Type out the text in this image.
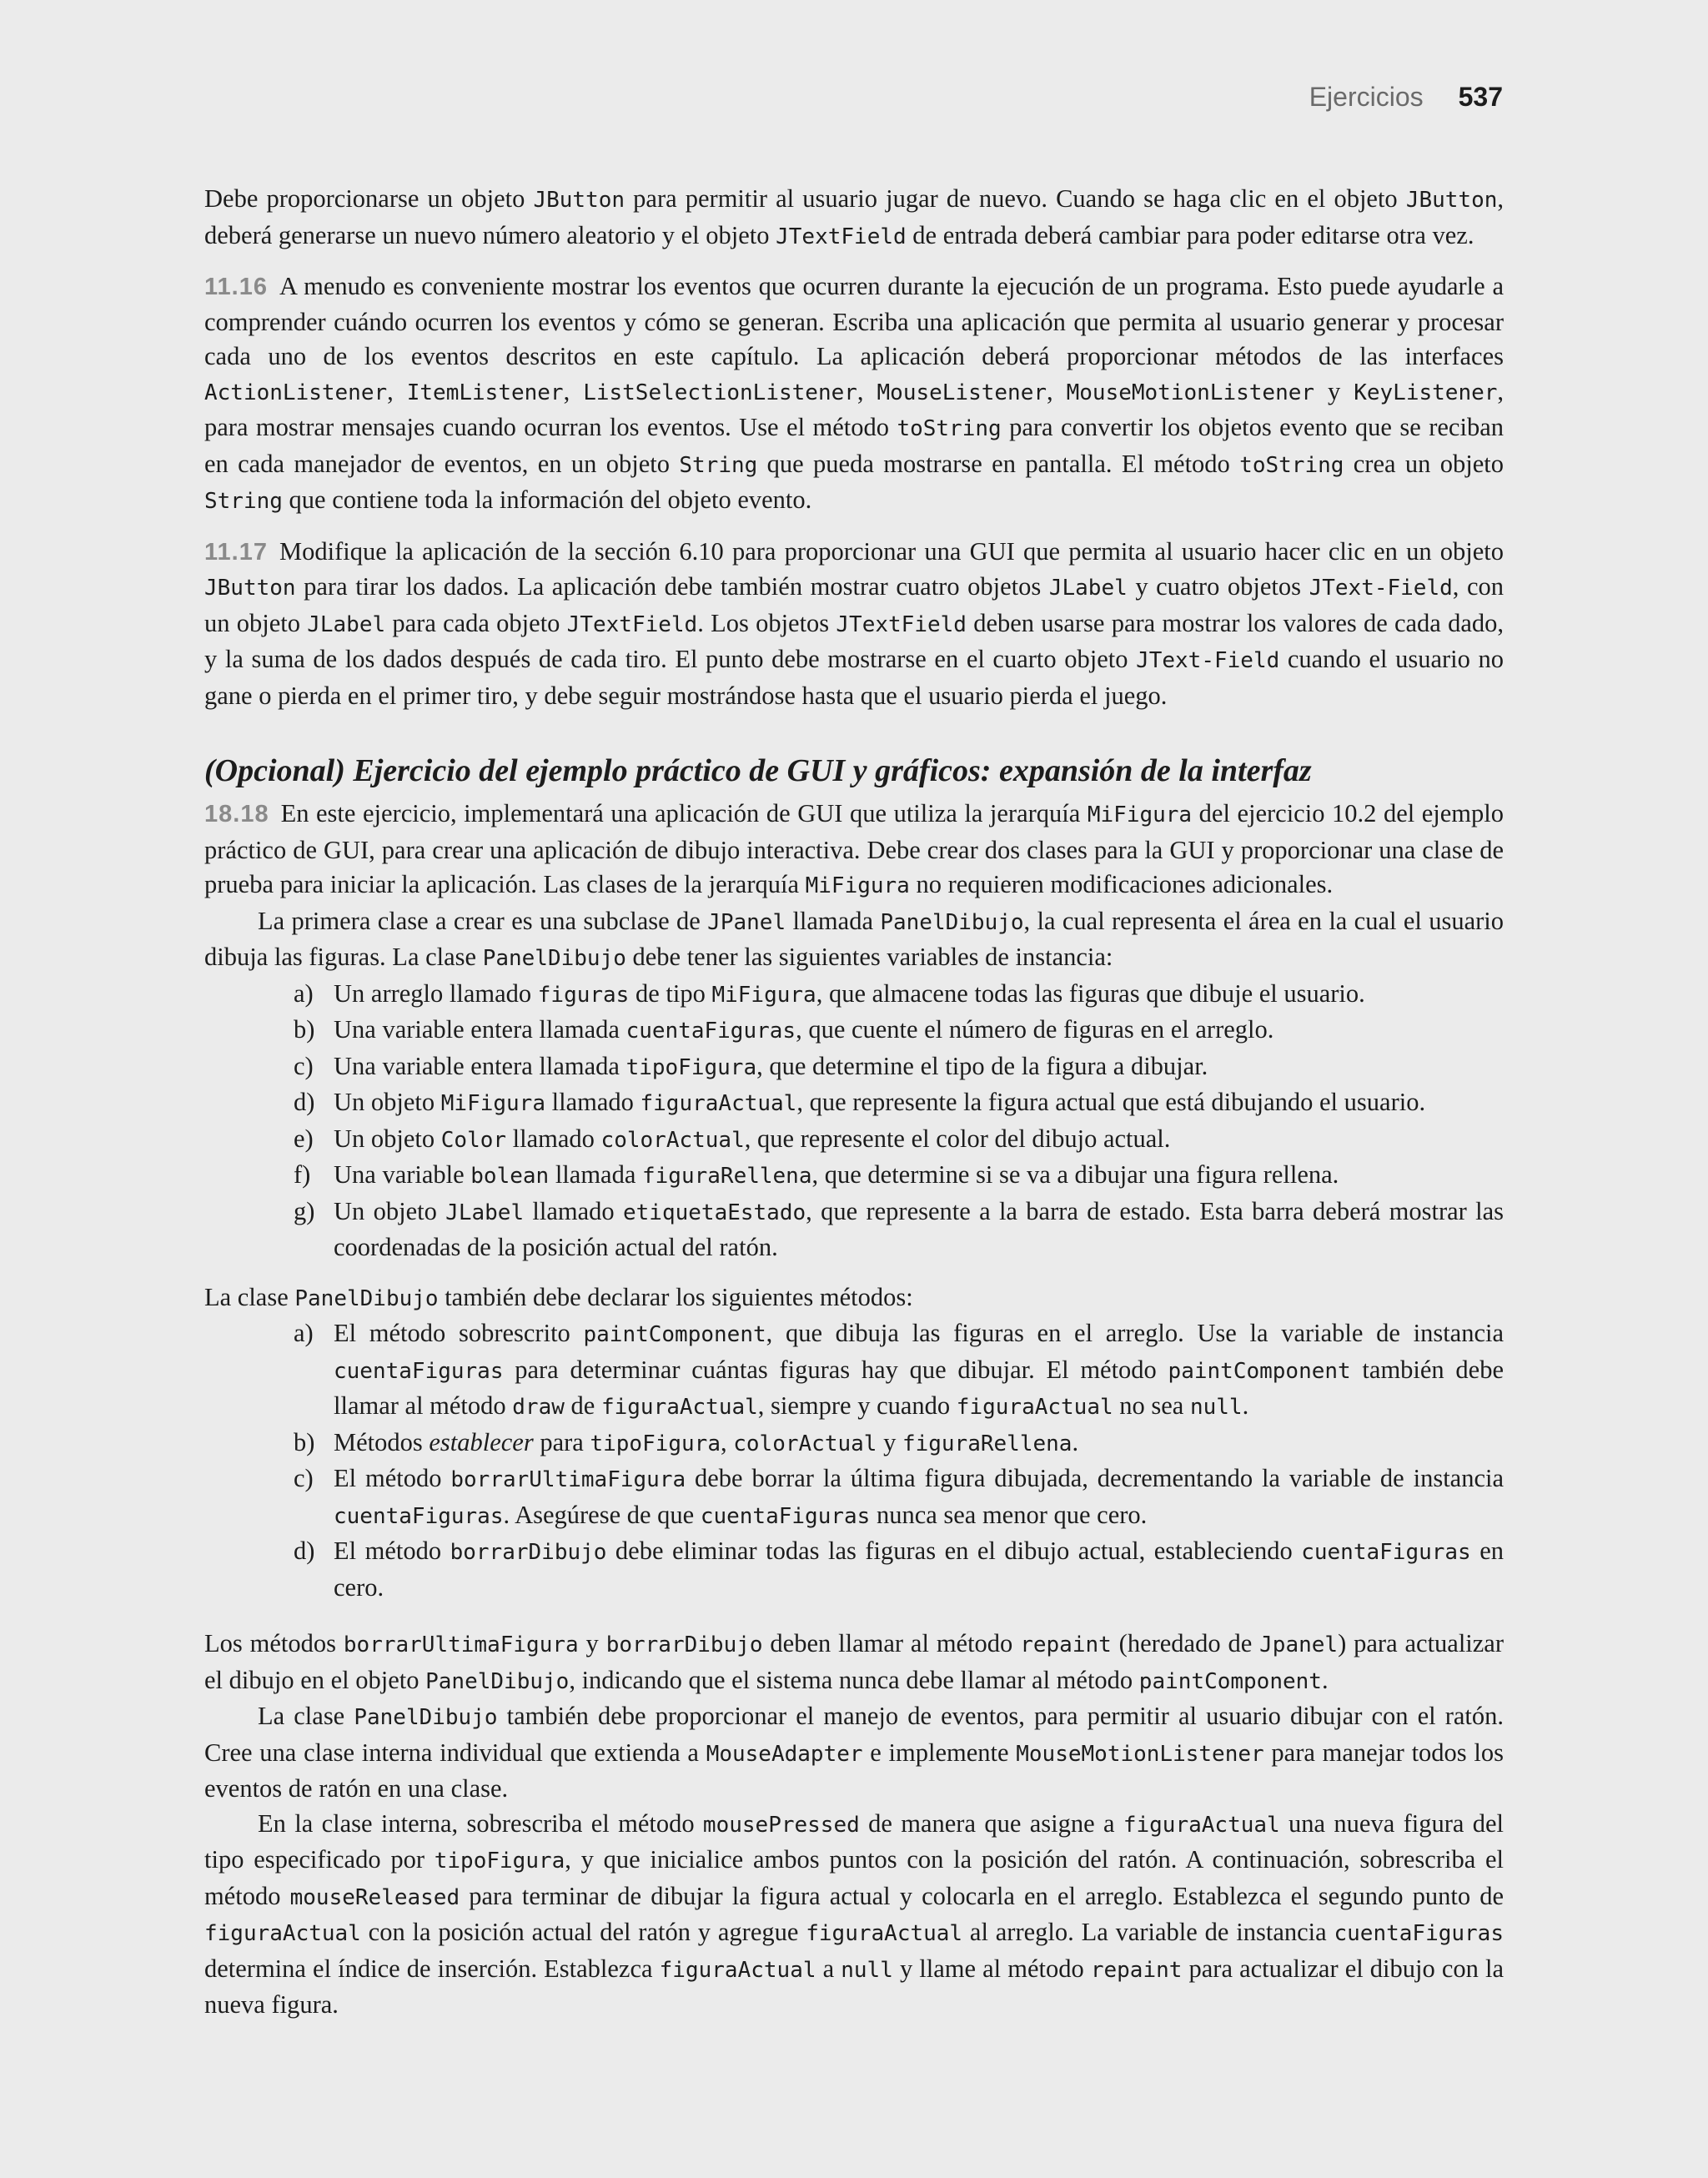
Ejercicios 537

Debe proporcionarse un objeto JButton para permitir al usuario jugar de nuevo. Cuando se haga clic en el objeto JButton, deberá generarse un nuevo número aleatorio y el objeto JTextField de entrada deberá cambiar para poder editarse otra vez.

11.16 A menudo es conveniente mostrar los eventos que ocurren durante la ejecución de un programa. Esto puede ayudarle a comprender cuándo ocurren los eventos y cómo se generan. Escriba una aplicación que permita al usuario generar y procesar cada uno de los eventos descritos en este capítulo. La aplicación deberá proporcionar métodos de las interfaces ActionListener, ItemListener, ListSelectionListener, MouseListener, MouseMotionListener y KeyListener, para mostrar mensajes cuando ocurran los eventos. Use el método toString para convertir los objetos evento que se reciban en cada manejador de eventos, en un objeto String que pueda mostrarse en pantalla. El método toString crea un objeto String que contiene toda la información del objeto evento.

11.17 Modifique la aplicación de la sección 6.10 para proporcionar una GUI que permita al usuario hacer clic en un objeto JButton para tirar los dados. La aplicación debe también mostrar cuatro objetos JLabel y cuatro objetos JText-Field, con un objeto JLabel para cada objeto JTextField. Los objetos JTextField deben usarse para mostrar los valores de cada dado, y la suma de los dados después de cada tiro. El punto debe mostrarse en el cuarto objeto JText-Field cuando el usuario no gane o pierda en el primer tiro, y debe seguir mostrándose hasta que el usuario pierda el juego.

(Opcional) Ejercicio del ejemplo práctico de GUI y gráficos: expansión de la interfaz

18.18 En este ejercicio, implementará una aplicación de GUI que utiliza la jerarquía MiFigura del ejercicio 10.2 del ejemplo práctico de GUI, para crear una aplicación de dibujo interactiva. Debe crear dos clases para la GUI y proporcionar una clase de prueba para iniciar la aplicación. Las clases de la jerarquía MiFigura no requieren modificaciones adicionales.

La primera clase a crear es una subclase de JPanel llamada PanelDibujo, la cual representa el área en la cual el usuario dibuja las figuras. La clase PanelDibujo debe tener las siguientes variables de instancia:

a) Un arreglo llamado figuras de tipo MiFigura, que almacene todas las figuras que dibuje el usuario.
b) Una variable entera llamada cuentaFiguras, que cuente el número de figuras en el arreglo.
c) Una variable entera llamada tipoFigura, que determine el tipo de la figura a dibujar.
d) Un objeto MiFigura llamado figuraActual, que represente la figura actual que está dibujando el usuario.
e) Un objeto Color llamado colorActual, que represente el color del dibujo actual.
f) Una variable bolean llamada figuraRellena, que determine si se va a dibujar una figura rellena.
g) Un objeto JLabel llamado etiquetaEstado, que represente a la barra de estado. Esta barra deberá mostrar las coordenadas de la posición actual del ratón.

La clase PanelDibujo también debe declarar los siguientes métodos:

a) El método sobrescrito paintComponent, que dibuja las figuras en el arreglo. Use la variable de instancia cuentaFiguras para determinar cuántas figuras hay que dibujar. El método paintComponent también debe llamar al método draw de figuraActual, siempre y cuando figuraActual no sea null.
b) Métodos establecer para tipoFigura, colorActual y figuraRellena.
c) El método borrarUltimaFigura debe borrar la última figura dibujada, decrementando la variable de instancia cuentaFiguras. Asegúrese de que cuentaFiguras nunca sea menor que cero.
d) El método borrarDibujo debe eliminar todas las figuras en el dibujo actual, estableciendo cuentaFiguras en cero.

Los métodos borrarUltimaFigura y borrarDibujo deben llamar al método repaint (heredado de Jpanel) para actualizar el dibujo en el objeto PanelDibujo, indicando que el sistema nunca debe llamar al método paintComponent.

La clase PanelDibujo también debe proporcionar el manejo de eventos, para permitir al usuario dibujar con el ratón. Cree una clase interna individual que extienda a MouseAdapter e implemente MouseMotionListener para manejar todos los eventos de ratón en una clase.

En la clase interna, sobrescriba el método mousePressed de manera que asigne a figuraActual una nueva figura del tipo especificado por tipoFigura, y que inicialice ambos puntos con la posición del ratón. A continuación, sobrescriba el método mouseReleased para terminar de dibujar la figura actual y colocarla en el arreglo. Establezca el segundo punto de figuraActual con la posición actual del ratón y agregue figuraActual al arreglo. La variable de instancia cuentaFiguras determina el índice de inserción. Establezca figuraActual a null y llame al método repaint para actualizar el dibujo con la nueva figura.
